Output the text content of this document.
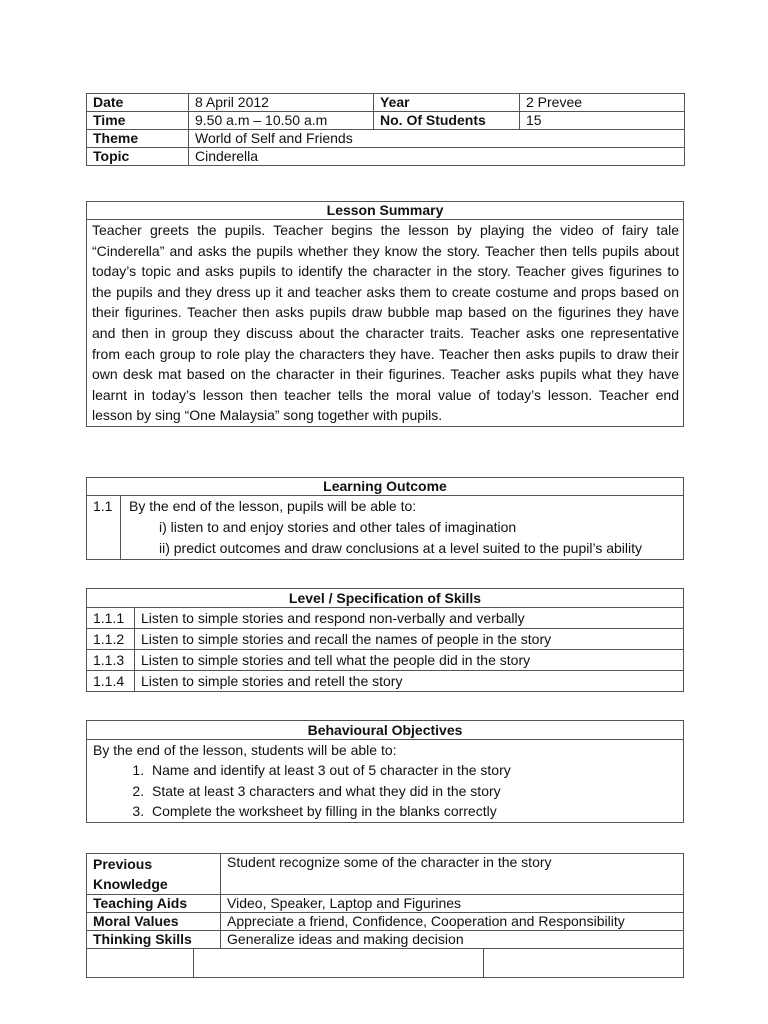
Date	8 April 2012	Year	2 Prevee
Time	9.50 a.m – 10.50 a.m	No. Of Students	15
Theme	World of Self and Friends		
Topic	Cinderella		
Lesson Summary
Teacher greets the pupils. Teacher begins the lesson by playing the video of fairy tale “Cinderella” and asks the pupils whether they know the story. Teacher then tells pupils about today’s topic and asks pupils to identify the character in the story. Teacher gives figurines to the pupils and they dress up it and teacher asks them to create costume and props based on their figurines. Teacher then asks pupils draw bubble map based on the figurines they have and then in group they discuss about the character traits. Teacher asks one representative from each group to role play the characters they have. Teacher then asks pupils to draw their own desk mat based on the character in their figurines. Teacher asks pupils what they have learnt in today’s lesson then teacher tells the moral value of today’s lesson. Teacher end lesson by sing “One Malaysia” song together with pupils.
Learning Outcome
1.1	By the end of the lesson, pupils will be able to:
i) listen to and enjoy stories and other tales of imagination
ii) predict outcomes and draw conclusions at a level suited to the pupil’s ability
Level / Specification of Skills	
1.1.1	Listen to simple stories and respond non-verbally and verbally
1.1.2	Listen to simple stories and recall the names of people in the story
1.1.3	Listen to simple stories and tell what the people did in the story
1.1.4	Listen to simple stories and retell the story
Behavioural Objectives

By the end of the lesson, students will be able to:
1. Name and identify at least 3 out of 5 character in the story
2. State at least 3 characters and what they did in the story
3. Complete the worksheet by filling in the blanks correctly
Previous Knowledge		Student recognize some of the character in the story	
Teaching Aids		Video, Speaker, Laptop and Figurines	
Moral Values		Appreciate a friend, Confidence, Cooperation and Responsibility	
Thinking Skills		Generalize ideas and making decision	
